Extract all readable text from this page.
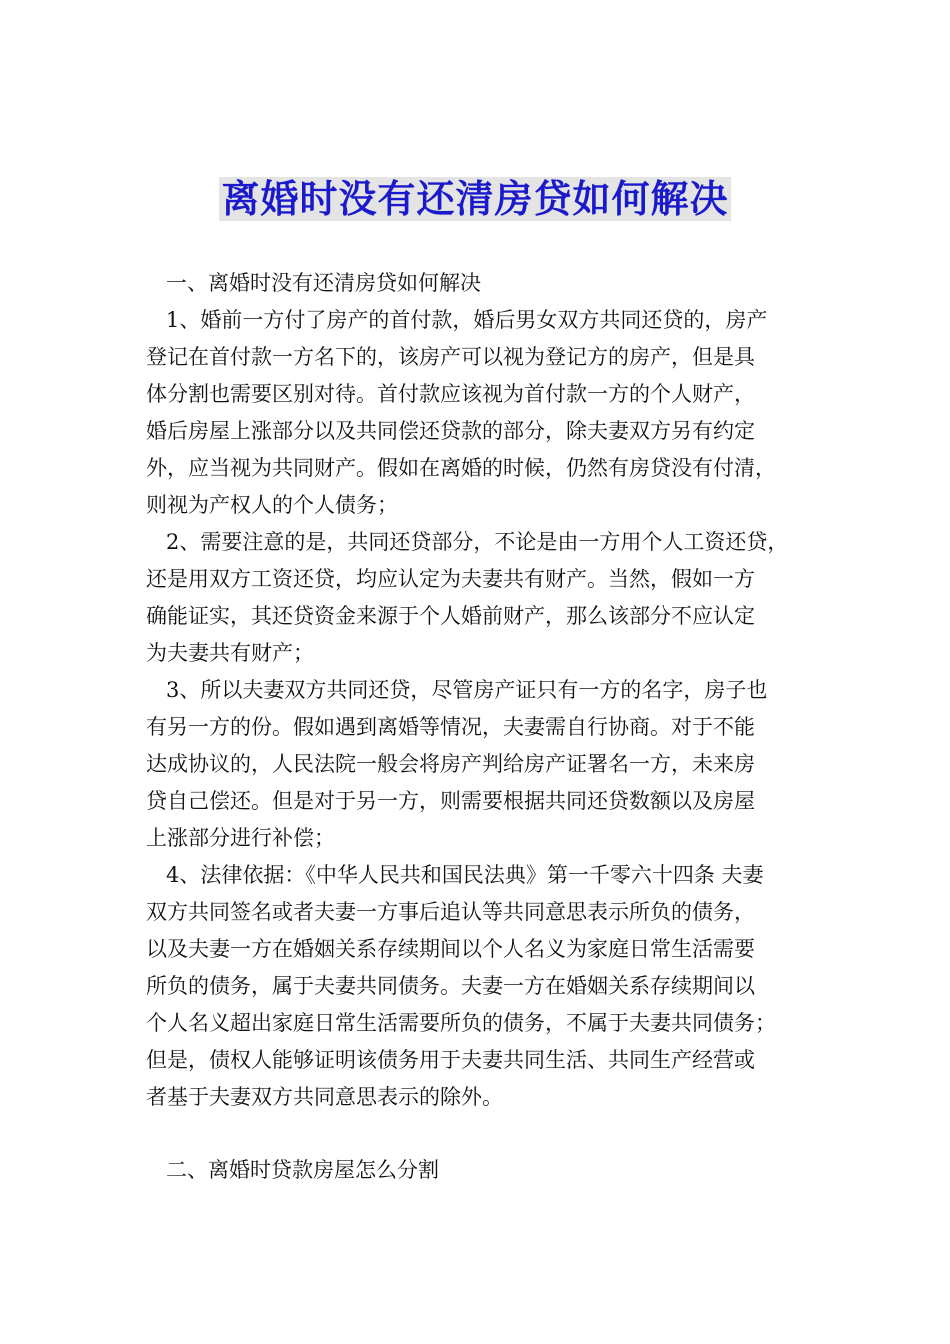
离婚时没有还清房贷如何解决
一、离婚时没有还清房贷如何解决
1、婚前一方付了房产的首付款，婚后男女双方共同还贷的，房产
登记在首付款一方名下的，该房产可以视为登记方的房产，但是具
体分割也需要区别对待。首付款应该视为首付款一方的个人财产，
婚后房屋上涨部分以及共同偿还贷款的部分，除夫妻双方另有约定
外，应当视为共同财产。假如在离婚的时候，仍然有房贷没有付清，
则视为产权人的个人债务；
2、需要注意的是，共同还贷部分，不论是由一方用个人工资还贷，
还是用双方工资还贷，均应认定为夫妻共有财产。当然，假如一方
确能证实，其还贷资金来源于个人婚前财产，那么该部分不应认定
为夫妻共有财产；
3、所以夫妻双方共同还贷，尽管房产证只有一方的名字，房子也
有另一方的份。假如遇到离婚等情况，夫妻需自行协商。对于不能
达成协议的，人民法院一般会将房产判给房产证署名一方，未来房
贷自己偿还。但是对于另一方，则需要根据共同还贷数额以及房屋
上涨部分进行补偿；
4、法律依据：《中华人民共和国民法典》第一千零六十四条 夫妻
双方共同签名或者夫妻一方事后追认等共同意思表示所负的债务，
以及夫妻一方在婚姻关系存续期间以个人名义为家庭日常生活需要
所负的债务，属于夫妻共同债务。夫妻一方在婚姻关系存续期间以
个人名义超出家庭日常生活需要所负的债务，不属于夫妻共同债务；
但是，债权人能够证明该债务用于夫妻共同生活、共同生产经营或
者基于夫妻双方共同意思表示的除外。
二、离婚时贷款房屋怎么分割
